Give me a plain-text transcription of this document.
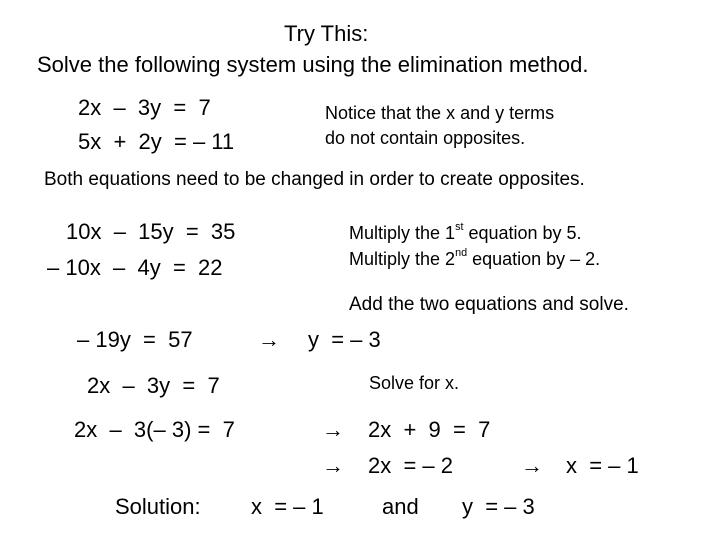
Try This:
Solve the following system using the elimination method.
2x  –  3y  =  7
5x  +  2y  = – 11
Notice that the x and y terms
do not contain opposites.
Both equations need to be changed in order to create opposites.
10x  –  15y  =  35
– 10x  –  4y  =  22
Multiply the 1st equation by 5.
Multiply the 2nd equation by – 2.
Add the two equations and solve.
– 19y  =  57	→ y  = – 3
2x  –  3y  =  7	Solve for x.
2x  –  3(– 3) =  7	→ 2x  +  9  =  7
→ 2x  = – 2	→ x  = – 1
Solution: x  = – 1	and y  = – 3
